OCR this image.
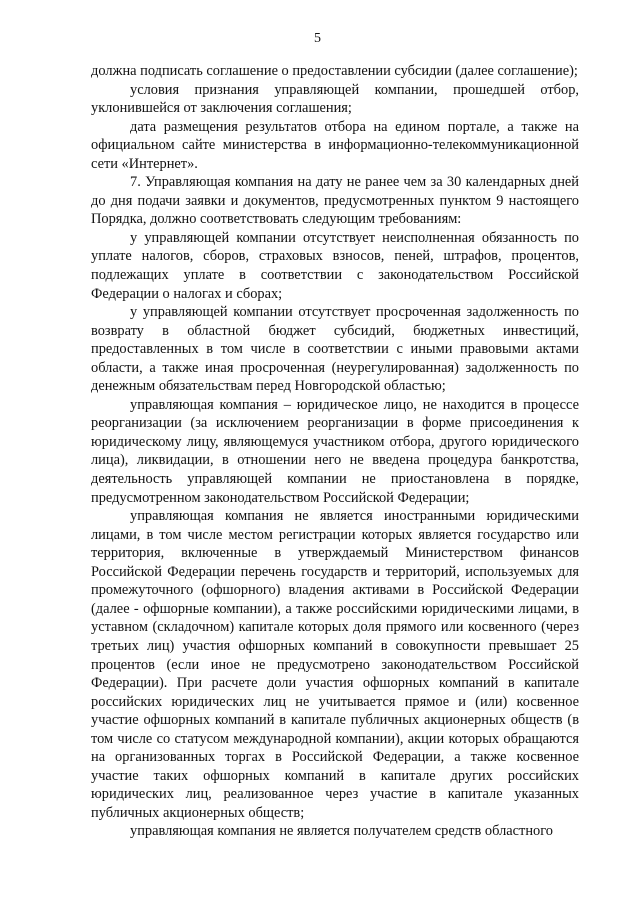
5

должна подписать соглашение о предоставлении субсидии (далее соглашение);

условия признания управляющей компании, прошедшей отбор, уклонившейся от заключения соглашения;

дата размещения результатов отбора на едином портале, а также на официальном сайте министерства в информационно-телекоммуникационной сети «Интернет».

7. Управляющая компания на дату не ранее чем за 30 календарных дней до дня подачи заявки и документов, предусмотренных пунктом 9 настоящего Порядка, должно соответствовать следующим требованиям:

у управляющей компании отсутствует неисполненная обязанность по уплате налогов, сборов, страховых взносов, пеней, штрафов, процентов, подлежащих уплате в соответствии с законодательством Российской Федерации о налогах и сборах;

у управляющей компании отсутствует просроченная задолженность по возврату в областной бюджет субсидий, бюджетных инвестиций, предоставленных в том числе в соответствии с иными правовыми актами области, а также иная просроченная (неурегулированная) задолженность по денежным обязательствам перед Новгородской областью;

управляющая компания – юридическое лицо, не находится в процессе реорганизации (за исключением реорганизации в форме присоединения к юридическому лицу, являющемуся участником отбора, другого юридического лица), ликвидации, в отношении него не введена процедура банкротства, деятельность управляющей компании не приостановлена в порядке, предусмотренном законодательством Российской Федерации;

управляющая компания не является иностранными юридическими лицами, в том числе местом регистрации которых является государство или территория, включенные в утверждаемый Министерством финансов Российской Федерации перечень государств и территорий, используемых для промежуточного (офшорного) владения активами в Российской Федерации (далее - офшорные компании), а также российскими юридическими лицами, в уставном (складочном) капитале которых доля прямого или косвенного (через третьих лиц) участия офшорных компаний в совокупности превышает 25 процентов (если иное не предусмотрено законодательством Российской Федерации). При расчете доли участия офшорных компаний в капитале российских юридических лиц не учитывается прямое и (или) косвенное участие офшорных компаний в капитале публичных акционерных обществ (в том числе со статусом международной компании), акции которых обращаются на организованных торгах в Российской Федерации, а также косвенное участие таких офшорных компаний в капитале других российских юридических лиц, реализованное через участие в капитале указанных публичных акционерных обществ;

управляющая компания не является получателем средств областного
